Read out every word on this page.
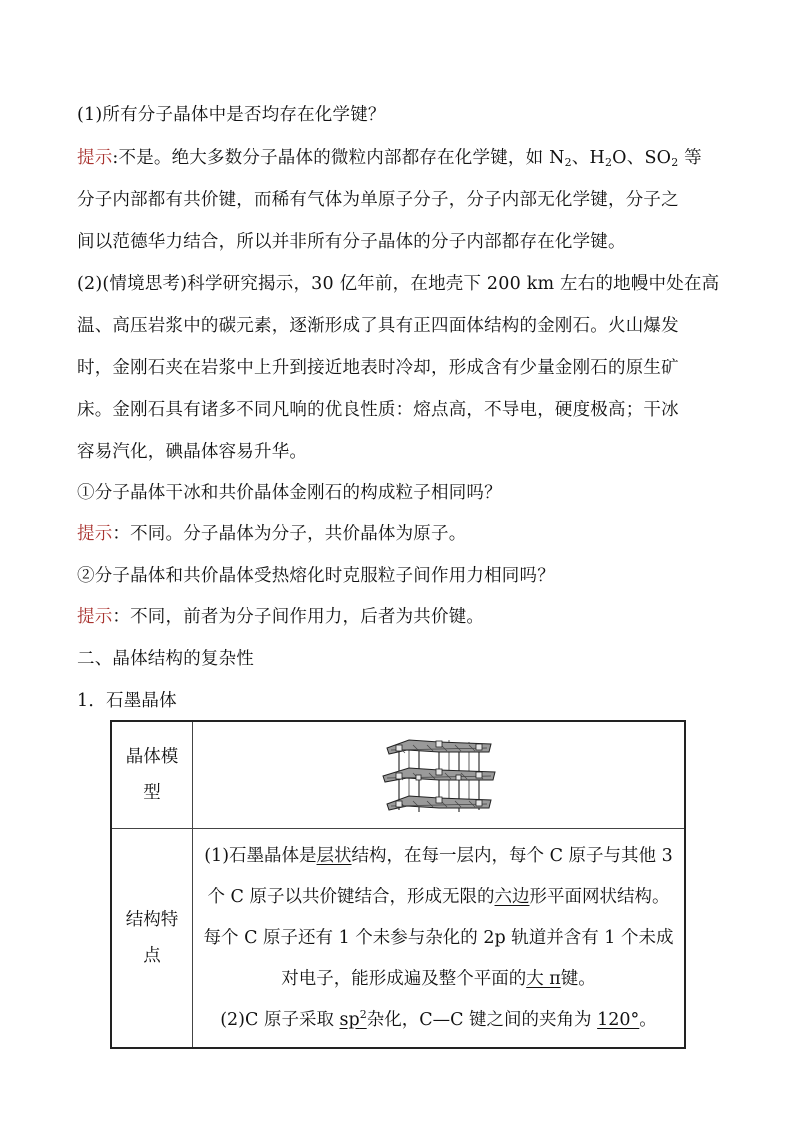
(1)所有分子晶体中是否均存在化学键？
提示:不是。绝大多数分子晶体的微粒内部都存在化学键，如 $N_2$、$H_2O$、$SO_2$ 等
分子内部都有共价键，而稀有气体为单原子分子，分子内部无化学键，分子之
间以范德华力结合，所以并非所有分子晶体的分子内部都存在化学键。
(2)(情境思考)科学研究揭示，30 亿年前，在地壳下 200 km 左右的地幔中处在高
温、高压岩浆中的碳元素，逐渐形成了具有正四面体结构的金刚石。火山爆发
时，金刚石夹在岩浆中上升到接近地表时冷却，形成含有少量金刚石的原生矿
床。金刚石具有诸多不同凡响的优良性质：熔点高，不导电，硬度极高；干冰
容易汽化，碘晶体容易升华。
①分子晶体干冰和共价晶体金刚石的构成粒子相同吗？
提示：不同。分子晶体为分子，共价晶体为原子。
②分子晶体和共价晶体受热熔化时克服粒子间作用力相同吗？
提示：不同，前者为分子间作用力，后者为共价键。
二、晶体结构的复杂性
1．石墨晶体
晶体模
型

结构特
点	(1)石墨晶体是层状结构，在每一层内，每个 C 原子与其他 3
个 C 原子以共价键结合，形成无限的六边形平面网状结构。
每个 C 原子还有 1 个未参与杂化的 2p 轨道并含有 1 个未成
对电子，能形成遍及整个平面的大 π键。
(2)C 原子采取 $sp^2$杂化，C—C 键之间的夹角为 120°。
